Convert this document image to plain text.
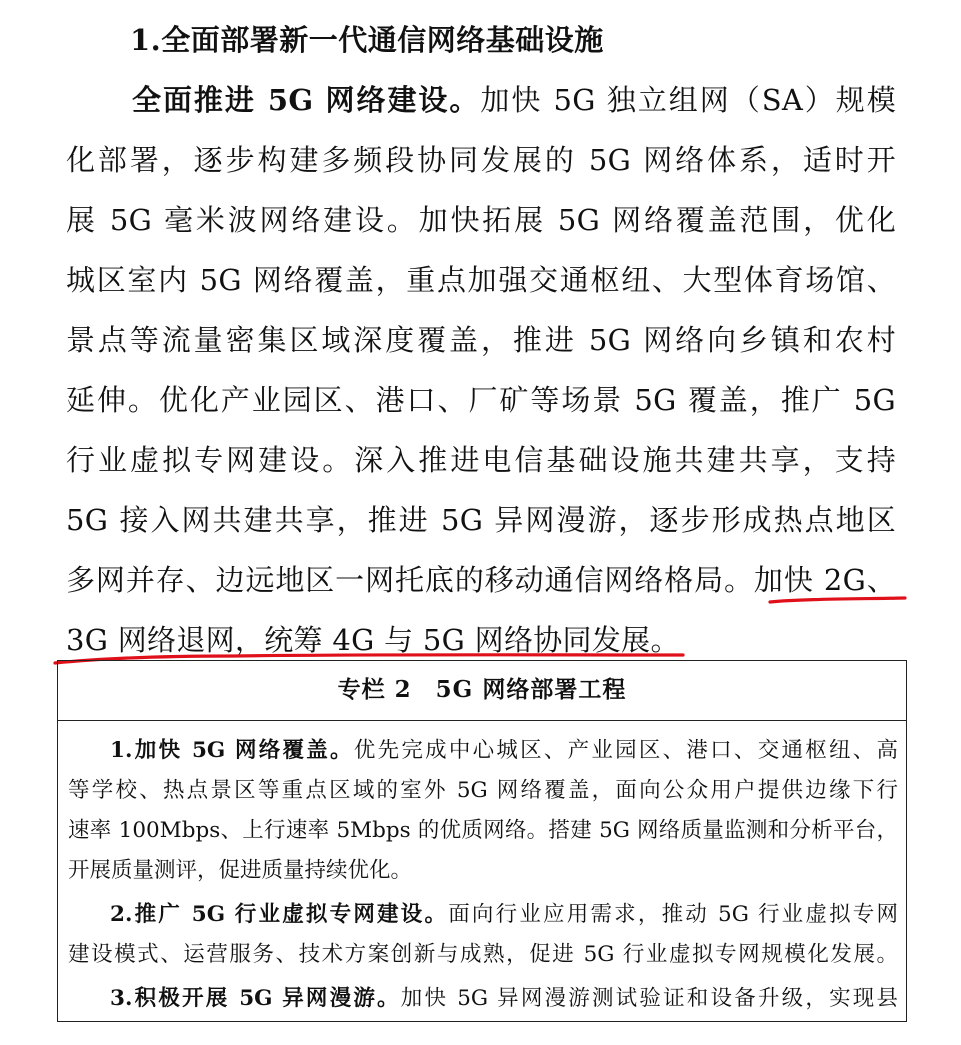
1.全面部署新一代通信网络基础设施
全面推进 5G 网络建设。加快 5G 独立组网（SA）规模
化部署，逐步构建多频段协同发展的 5G 网络体系，适时开
展 5G 毫米波网络建设。加快拓展 5G 网络覆盖范围，优化
城区室内 5G 网络覆盖，重点加强交通枢纽、大型体育场馆、
景点等流量密集区域深度覆盖，推进 5G 网络向乡镇和农村
延伸。优化产业园区、港口、厂矿等场景 5G 覆盖，推广 5G
行业虚拟专网建设。深入推进电信基础设施共建共享，支持
5G 接入网共建共享，推进 5G 异网漫游，逐步形成热点地区
多网并存、边远地区一网托底的移动通信网络格局。加快 2G、
3G 网络退网，统筹 4G 与 5G 网络协同发展。
专栏 2　5G 网络部署工程
1.加快 5G 网络覆盖。优先完成中心城区、产业园区、港口、交通枢纽、高
等学校、热点景区等重点区域的室外 5G 网络覆盖，面向公众用户提供边缘下行
速率 100Mbps、上行速率 5Mbps 的优质网络。搭建 5G 网络质量监测和分析平台，
开展质量测评，促进质量持续优化。
2.推广 5G 行业虚拟专网建设。面向行业应用需求，推动 5G 行业虚拟专网
建设模式、运营服务、技术方案创新与成熟，促进 5G 行业虚拟专网规模化发展。
3.积极开展 5G 异网漫游。加快 5G 异网漫游测试验证和设备升级，实现县
